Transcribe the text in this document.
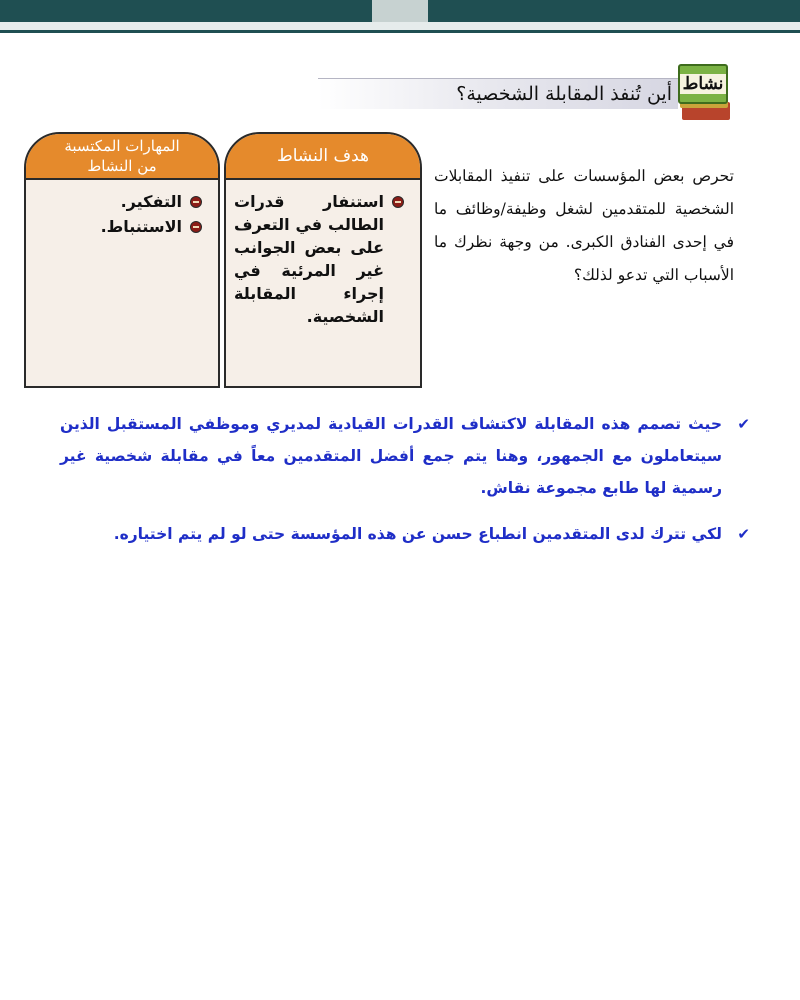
أين تُنفذ المقابلة الشخصية؟ نشاط
هدف النشاط
استنفار قدرات الطالب في التعرف على بعض الجوانب غير المرئية في إجراء المقابلة الشخصية.
المهارات المكتسبة
من النشاط
التفكير.
الاستنباط.
تحرص بعض المؤسسات على تنفيذ المقابلات الشخصية للمتقدمين لشغل وظيفة/وظائف ما في إحدى الفنادق الكبرى. من وجهة نظرك ما الأسباب التي تدعو لذلك؟
✔
حيث تصمم هذه المقابلة لاكتشاف القدرات القيادية لمديري وموظفي المستقبل الذين سيتعاملون مع الجمهور، وهنا يتم جمع أفضل المتقدمين معاً في مقابلة شخصية غير رسمية لها طابع مجموعة نقاش.
✔
لكي تترك لدى المتقدمين انطباع حسن عن هذه المؤسسة حتى لو لم يتم اختياره.
